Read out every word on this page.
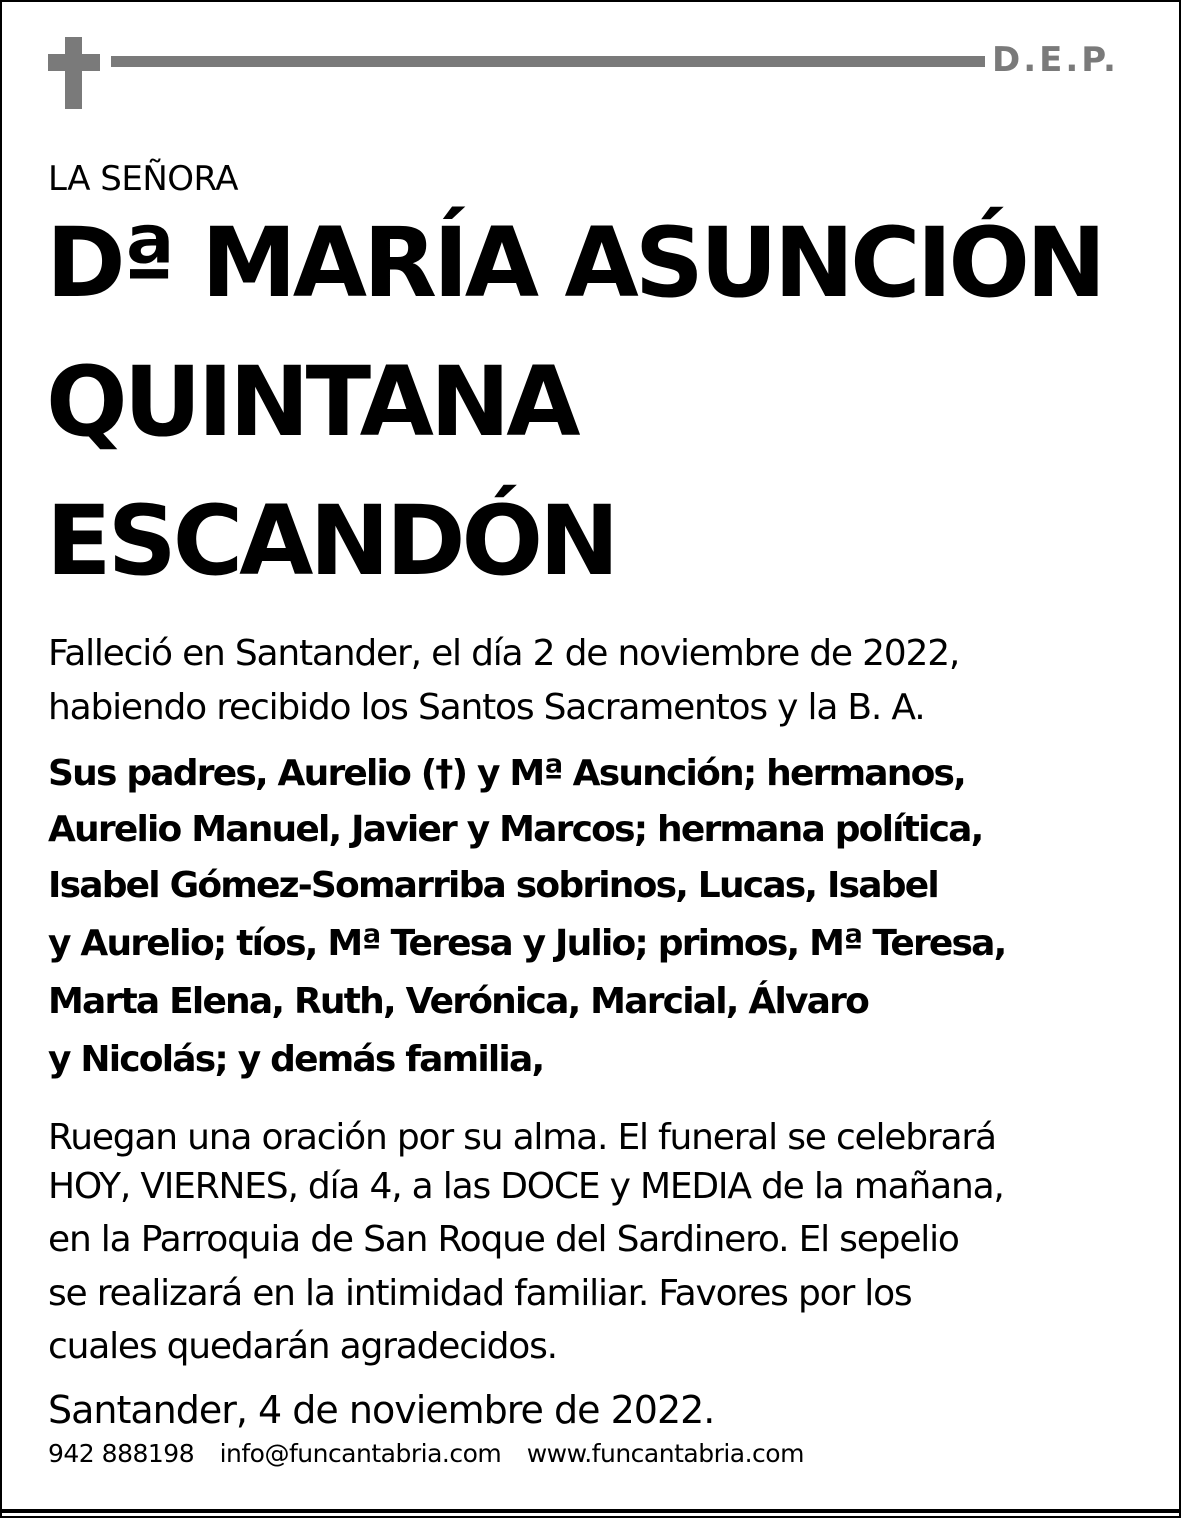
D.E.P.
LA SEÑORA
Dª MARÍA ASUNCIÓN
QUINTANA
ESCANDÓN
Falleció en Santander, el día 2 de noviembre de 2022,
habiendo recibido los Santos Sacramentos y la B. A.
Sus padres, Aurelio (†) y Mª Asunción; hermanos,
Aurelio Manuel, Javier y Marcos; hermana política,
Isabel Gómez-Somarriba sobrinos, Lucas, Isabel
y Aurelio; tíos, Mª Teresa y Julio; primos, Mª Teresa,
Marta Elena, Ruth, Verónica, Marcial, Álvaro
y Nicolás; y demás familia,
Ruegan una oración por su alma. El funeral se celebrará
HOY, VIERNES, día 4, a las DOCE y MEDIA de la mañana,
en la Parroquia de San Roque del Sardinero. El sepelio
se realizará en la intimidad familiar. Favores por los
cuales quedarán agradecidos.
Santander, 4 de noviembre de 2022.
942 888198 info@funcantabria.com www.funcantabria.com
